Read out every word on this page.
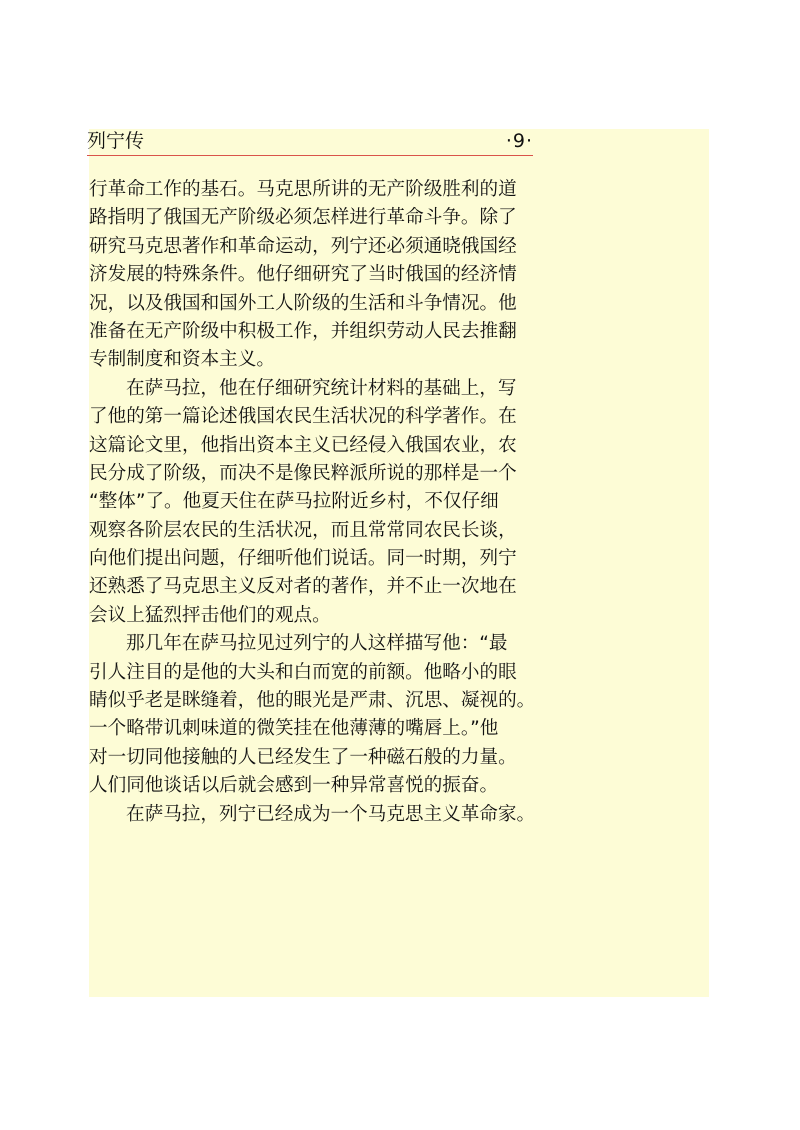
列宁传	·9·
行革命工作的基石。马克思所讲的无产阶级胜利的道
路指明了俄国无产阶级必须怎样进行革命斗争。除了
研究马克思著作和革命运动，列宁还必须通晓俄国经
济发展的特殊条件。他仔细研究了当时俄国的经济情
况，以及俄国和国外工人阶级的生活和斗争情况。他
准备在无产阶级中积极工作，并组织劳动人民去推翻
专制制度和资本主义。
在萨马拉，他在仔细研究统计材料的基础上，写
了他的第一篇论述俄国农民生活状况的科学著作。在
这篇论文里，他指出资本主义已经侵入俄国农业，农
民分成了阶级，而决不是像民粹派所说的那样是一个
“整体”了。他夏天住在萨马拉附近乡村，不仅仔细
观察各阶层农民的生活状况，而且常常同农民长谈，
向他们提出问题，仔细听他们说话。同一时期，列宁
还熟悉了马克思主义反对者的著作，并不止一次地在
会议上猛烈抨击他们的观点。
那几年在萨马拉见过列宁的人这样描写他：“最
引人注目的是他的大头和白而宽的前额。他略小的眼
睛似乎老是眯缝着，他的眼光是严肃、沉思、凝视的。
一个略带讥刺味道的微笑挂在他薄薄的嘴唇上。”他
对一切同他接触的人已经发生了一种磁石般的力量。
人们同他谈话以后就会感到一种异常喜悦的振奋。
在萨马拉，列宁已经成为一个马克思主义革命家。
